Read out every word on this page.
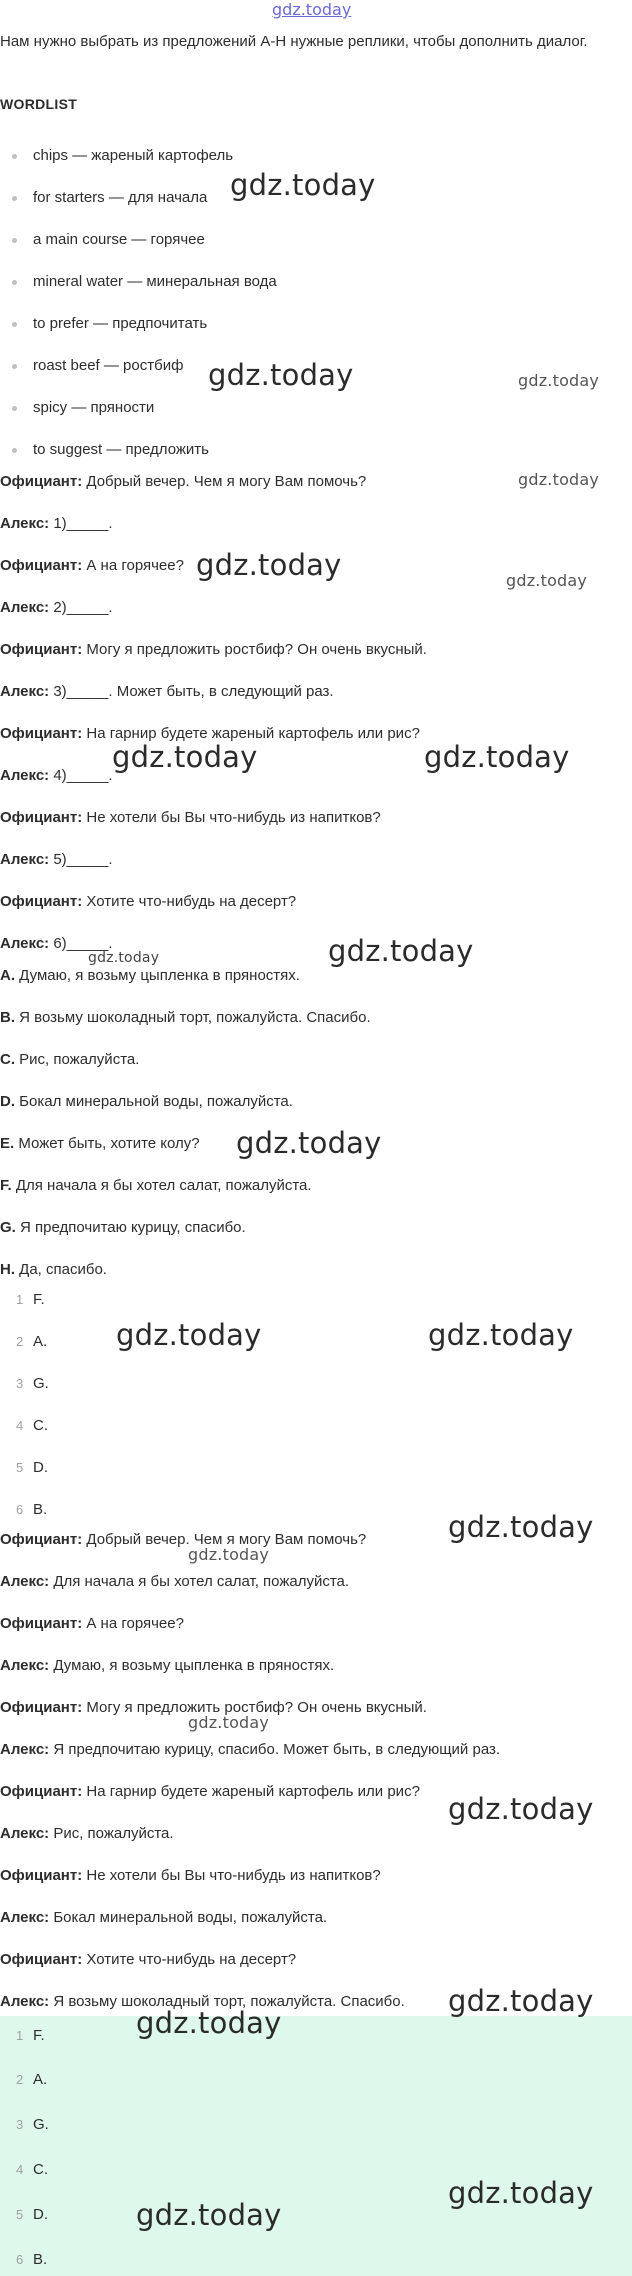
gdz.today

Нам нужно выбрать из предложений A-H нужные реплики, чтобы дополнить диалог.

WORDLIST
chips — жареный картофель
for starters — для начала
a main course — горячее
mineral water — минеральная вода
to prefer — предпочитать
roast beef — ростбиф
spicy — пряности
to suggest — предложить
Официант: Добрый вечер. Чем я могу Вам помочь?
Алекс: 1)_____.
Официант: А на горячее?
Алекс: 2)_____.
Официант: Могу я предложить ростбиф? Он очень вкусный.
Алекс: 3)_____. Может быть, в следующий раз.
Официант: На гарнир будете жареный картофель или рис?
Алекс: 4)_____.
Официант: Не хотели бы Вы что-нибудь из напитков?
Алекс: 5)_____.
Официант: Хотите что-нибудь на десерт?
Алекс: 6)_____.
A. Думаю, я возьму цыпленка в пряностях.
B. Я возьму шоколадный торт, пожалуйста. Спасибо.
C. Рис, пожалуйста.
D. Бокал минеральной воды, пожалуйста.
E. Может быть, хотите колу?
F. Для начала я бы хотел салат, пожалуйста.
G. Я предпочитаю курицу, спасибо.
H. Да, спасибо.
1 F.
2 A.
3 G.
4 C.
5 D.
6 B.
Официант: Добрый вечер. Чем я могу Вам помочь?
Алекс: Для начала я бы хотел салат, пожалуйста.
Официант: А на горячее?
Алекс: Думаю, я возьму цыпленка в пряностях.
Официант: Могу я предложить ростбиф? Он очень вкусный.
Алекс: Я предпочитаю курицу, спасибо. Может быть, в следующий раз.
Официант: На гарнир будете жареный картофель или рис?
Алекс: Рис, пожалуйста.
Официант: Не хотели бы Вы что-нибудь из напитков?
Алекс: Бокал минеральной воды, пожалуйста.
Официант: Хотите что-нибудь на десерт?
Алекс: Я возьму шоколадный торт, пожалуйста. Спасибо.
1 F.
2 A.
3 G.
4 C.
5 D.
6 B.
gdz.today
gdz.today	gdz.today
gdz.today
gdz.today	gdz.today
gdz.today	gdz.today
gdz.today	gdz.today
gdz.today
gdz.today	gdz.today
gdz.today
gdz.today
gdz.today
gdz.today
gdz.today
gdz.today
gdz.today
gdz.today
